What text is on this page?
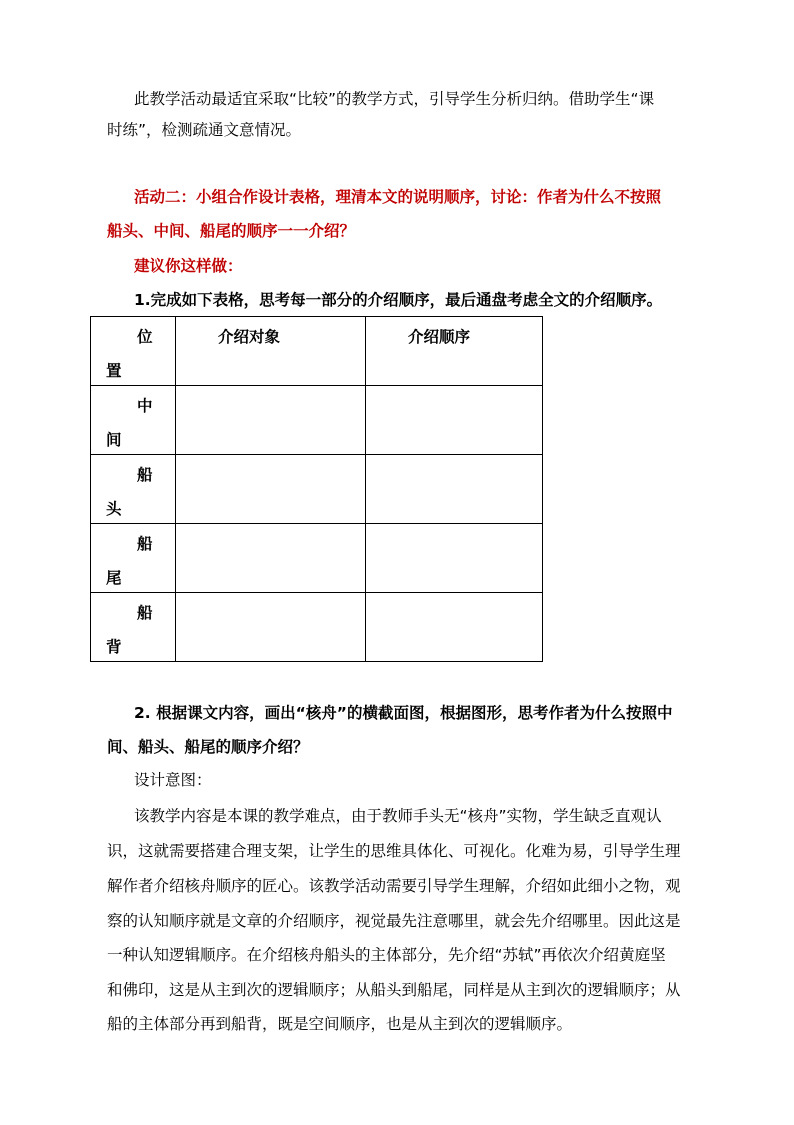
此教学活动最适宜采取“比较”的教学方式，引导学生分析归纳。借助学生“课
时练”，检测疏通文意情况。
活动二：小组合作设计表格，理清本文的说明顺序，讨论：作者为什么不按照
船头、中间、船尾的顺序一一介绍？
建议你这样做：
1.完成如下表格，思考每一部分的介绍顺序，最后通盘考虑全文的介绍顺序。
位
置	介绍对象	介绍顺序

中
间		

船
头		

船
尾		

船
背		

2. 根据课文内容，画出“核舟”的横截面图，根据图形，思考作者为什么按照中
间、船头、船尾的顺序介绍？
设计意图：
该教学内容是本课的教学难点，由于教师手头无“核舟”实物，学生缺乏直观认
识，这就需要搭建合理支架，让学生的思维具体化、可视化。化难为易，引导学生理
解作者介绍核舟顺序的匠心。该教学活动需要引导学生理解，介绍如此细小之物，观
察的认知顺序就是文章的介绍顺序，视觉最先注意哪里，就会先介绍哪里。因此这是
一种认知逻辑顺序。在介绍核舟船头的主体部分，先介绍“苏轼”再依次介绍黄庭坚
和佛印，这是从主到次的逻辑顺序；从船头到船尾，同样是从主到次的逻辑顺序；从
船的主体部分再到船背，既是空间顺序，也是从主到次的逻辑顺序。
